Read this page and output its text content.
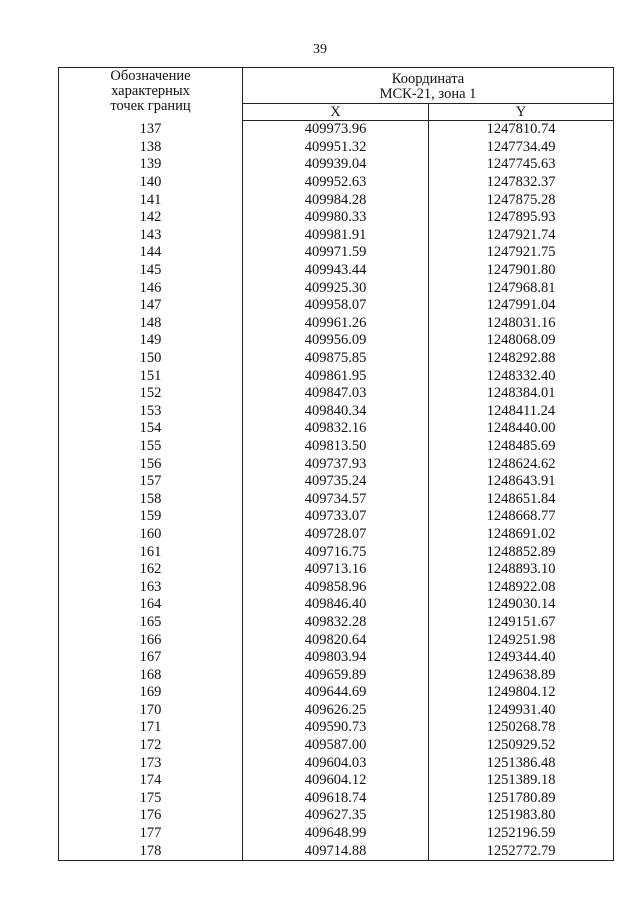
39
Обозначение
характерных
точек границ	Координата
МСК-21, зона 1	

	X	Y
137	409973.96	1247810.74
138	409951.32	1247734.49
139	409939.04	1247745.63
140	409952.63	1247832.37
141	409984.28	1247875.28
142	409980.33	1247895.93
143	409981.91	1247921.74
144	409971.59	1247921.75
145	409943.44	1247901.80
146	409925.30	1247968.81
147	409958.07	1247991.04
148	409961.26	1248031.16
149	409956.09	1248068.09
150	409875.85	1248292.88
151	409861.95	1248332.40
152	409847.03	1248384.01
153	409840.34	1248411.24
154	409832.16	1248440.00
155	409813.50	1248485.69
156	409737.93	1248624.62
157	409735.24	1248643.91
158	409734.57	1248651.84
159	409733.07	1248668.77
160	409728.07	1248691.02
161	409716.75	1248852.89
162	409713.16	1248893.10
163	409858.96	1248922.08
164	409846.40	1249030.14
165	409832.28	1249151.67
166	409820.64	1249251.98
167	409803.94	1249344.40
168	409659.89	1249638.89
169	409644.69	1249804.12
170	409626.25	1249931.40
171	409590.73	1250268.78
172	409587.00	1250929.52
173	409604.03	1251386.48
174	409604.12	1251389.18
175	409618.74	1251780.89
176	409627.35	1251983.80
177	409648.99	1252196.59
178	409714.88	1252772.79
